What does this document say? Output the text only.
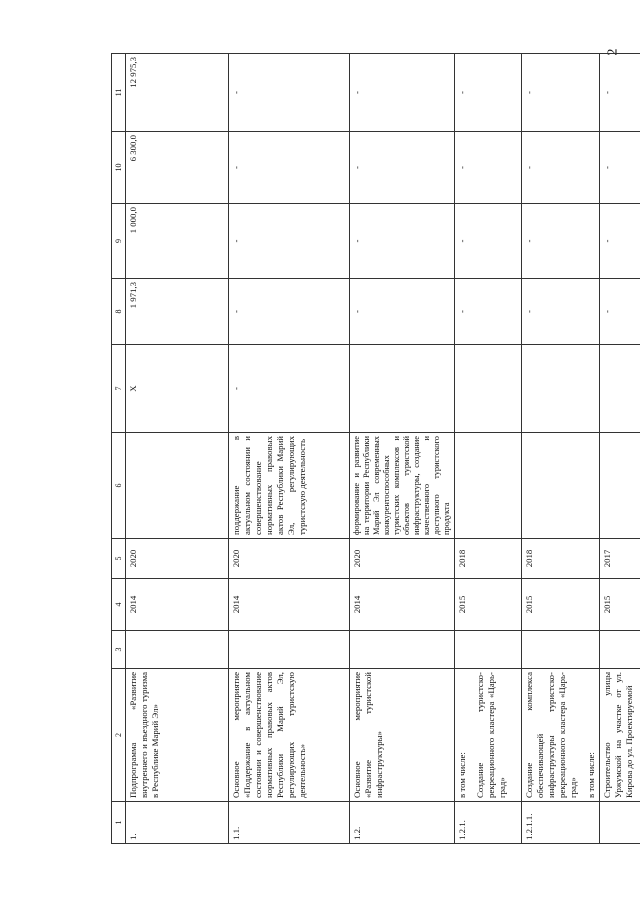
2
1	2	3	4	5	6	7	8	9	10	11
1.	Подпрограмма «Развитие внутреннего и въездного туризма в Республике Марий Эл»		2014	2020		X	1 971,3	1 000,0	6 300,0	12 975,3
1.1.	Основное мероприятие «Поддержание в актуальном состоянии и совершенствование нормативных правовых актов Республики Марий Эл, регулирующих туристскую деятельность»		2014	2020	поддержание в актуальном состоянии и совершенствование нормативных правовых актов Республики Марий Эл, регулирующих туристскую деятельность	-	-	-	-	-
1.2.	Основное мероприятие «Развитие туристской инфраструктуры»		2014	2020	формирование и развитие на территории Республики Марий Эл современных конкурентоспособных туристских комплексов и объектов туристской инфраструктуры, создание качественного и доступного туристского продукта		-	-	-	-
1.2.1.	в том числе: Создание туристско-рекреационного кластера «Царь-град»		2015	2018			-	-	-	-
1.2.1.1.	Создание комплекса обеспечивающей инфраструктуры туристско-рекреационного кластера «Царь-град» в том числе:		2015	2018			-	-	-	-
	Строительство улицы Уржумской на участке от ул. Кирова до ул. Проектируемой		2015	2017			-	-	-	-
